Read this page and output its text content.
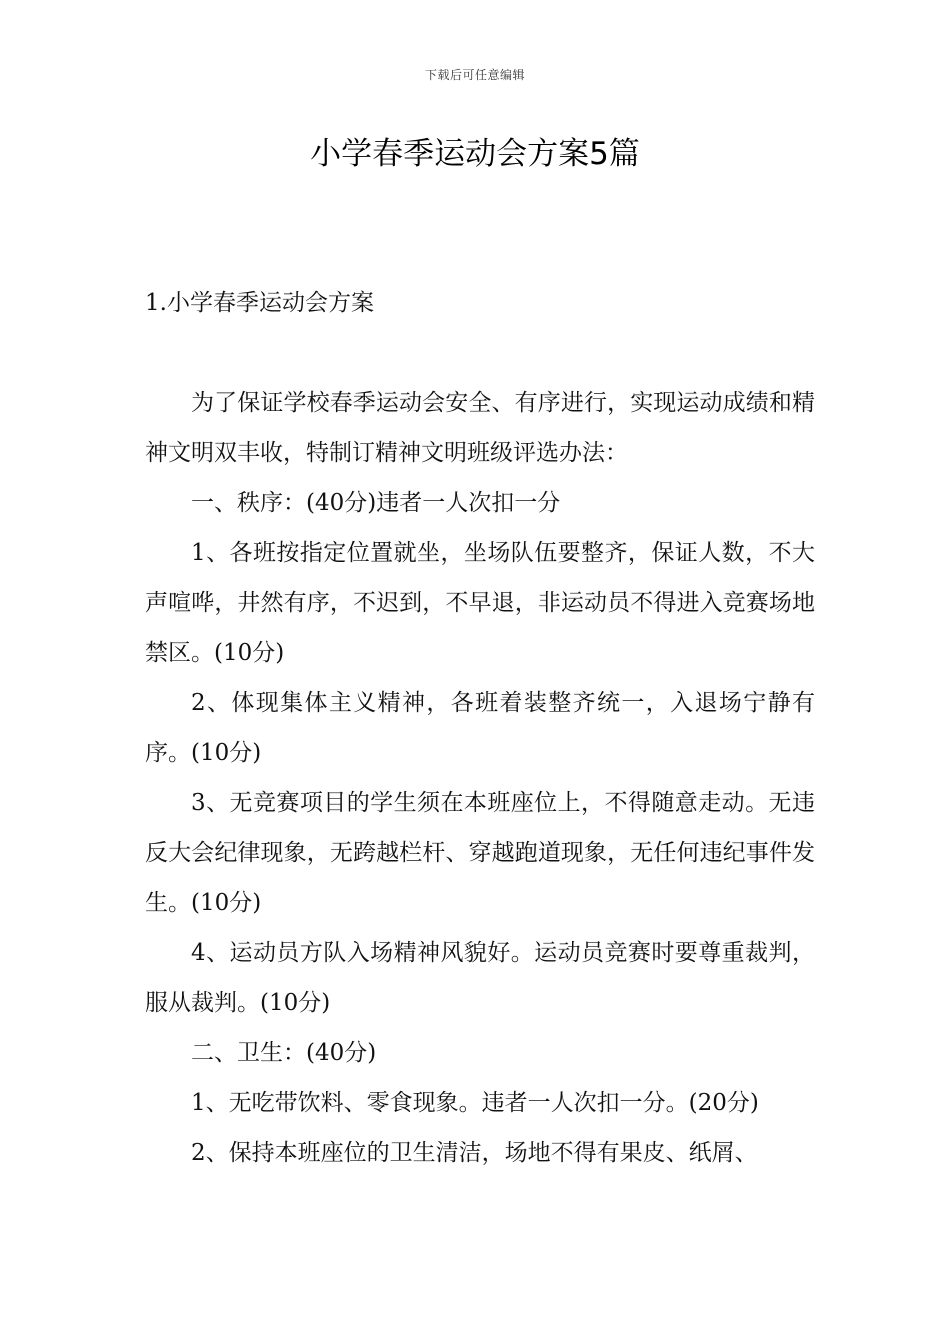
下载后可任意编辑
小学春季运动会方案5篇
1.小学春季运动会方案

为了保证学校春季运动会安全、有序进行，实现运动成绩和精神文明双丰收，特制订精神文明班级评选办法：

一、秩序：(40分)违者一人次扣一分

1、各班按指定位置就坐，坐场队伍要整齐，保证人数，不大声喧哗，井然有序，不迟到，不早退，非运动员不得进入竞赛场地禁区。(10分)

2、体现集体主义精神，各班着装整齐统一，入退场宁静有序。(10分)

3、无竞赛项目的学生须在本班座位上，不得随意走动。无违反大会纪律现象，无跨越栏杆、穿越跑道现象，无任何违纪事件发生。(10分)

4、运动员方队入场精神风貌好。运动员竞赛时要尊重裁判，服从裁判。(10分)

二、卫生：(40分)

1、无吃带饮料、零食现象。违者一人次扣一分。(20分)

2、保持本班座位的卫生清洁，场地不得有果皮、纸屑、
